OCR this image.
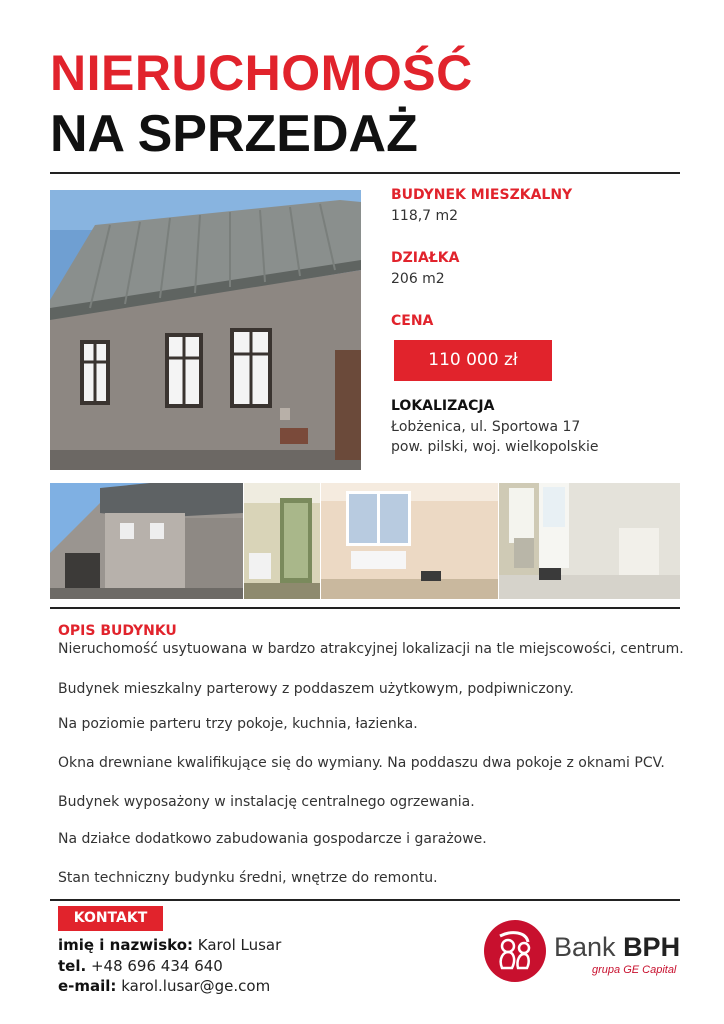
NIERUCHOMOŚĆ
NA SPRZEDAŻ
BUDYNEK MIESZKALNY
118,7 m2
DZIAŁKA
206 m2
CENA
110 000 zł
LOKALIZACJA
Łobżenica, ul. Sportowa 17
pow. pilski, woj. wielkopolskie
OPIS BUDYNKU

Nieruchomość usytuowana w bardzo atrakcyjnej lokalizacji na tle miejscowości, centrum.

Budynek mieszkalny parterowy z poddaszem użytkowym, podpiwniczony.

Na poziomie parteru trzy pokoje, kuchnia, łazienka.

Okna drewniane kwalifikujące się do wymiany. Na poddaszu dwa pokoje z oknami PCV.

Budynek wyposażony w instalację centralnego ogrzewania.

Na działce dodatkowo zabudowania gospodarcze i garażowe.

Stan techniczny budynku średni, wnętrze do remontu.

KONTAKT
imię i nazwisko: Karol Lusar
tel. +48 696 434 640
e-mail: karol.lusar@ge.com
Bank BPH
grupa GE Capital
